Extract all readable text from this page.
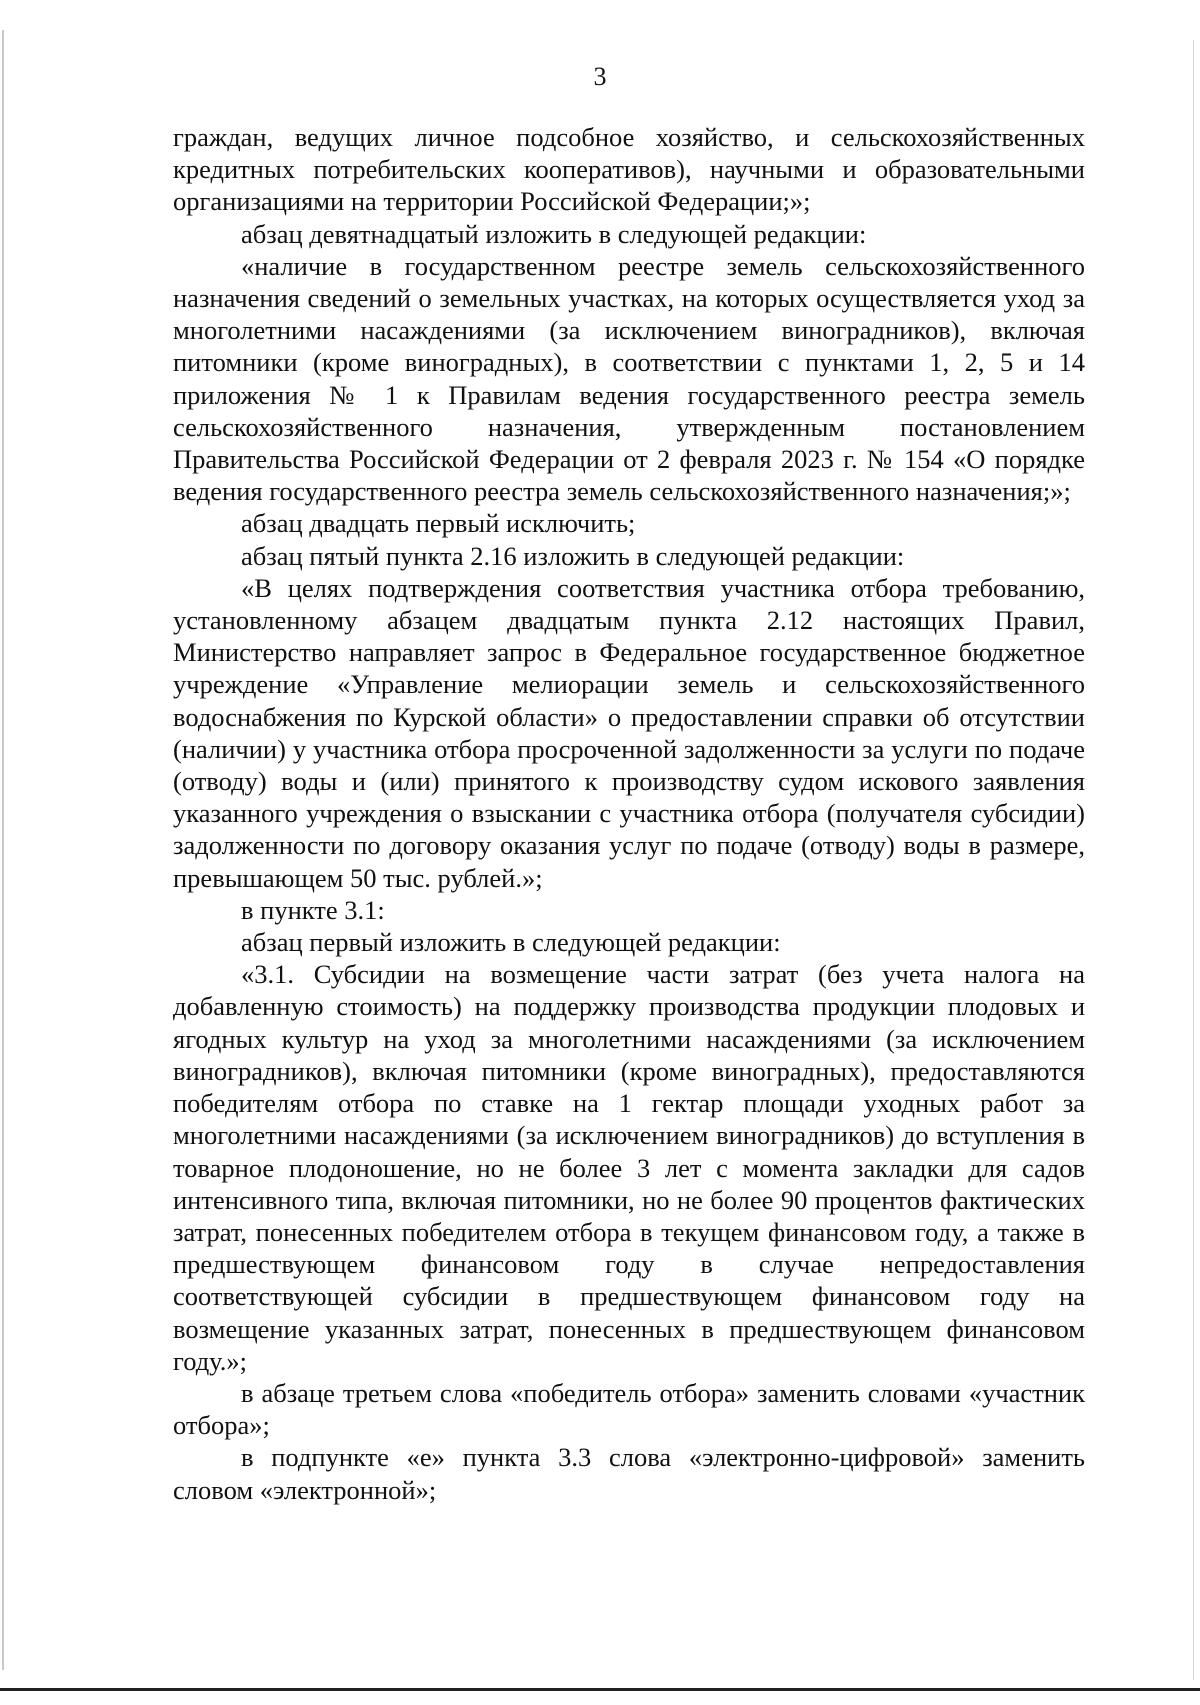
3

граждан, ведущих личное подсобное хозяйство, и сельскохозяйственных кредитных потребительских кооперативов), научными и образовательными организациями на территории Российской Федерации;»;

абзац девятнадцатый изложить в следующей редакции:

«наличие в государственном реестре земель сельскохозяйственного назначения сведений о земельных участках, на которых осуществляется уход за многолетними насаждениями (за исключением виноградников), включая питомники (кроме виноградных), в соответствии с пунктами 1, 2, 5 и 14 приложения № 1 к Правилам ведения государственного реестра земель сельскохозяйственного назначения, утвержденным постановлением Правительства Российской Федерации от 2 февраля 2023 г. № 154 «О порядке ведения государственного реестра земель сельскохозяйственного назначения;»;

абзац двадцать первый исключить;

абзац пятый пункта 2.16 изложить в следующей редакции:

«В целях подтверждения соответствия участника отбора требованию, установленному абзацем двадцатым пункта 2.12 настоящих Правил, Министерство направляет запрос в Федеральное государственное бюджетное учреждение «Управление мелиорации земель и сельскохозяйственного водоснабжения по Курской области» о предоставлении справки об отсутствии (наличии) у участника отбора просроченной задолженности за услуги по подаче (отводу) воды и (или) принятого к производству судом искового заявления указанного учреждения о взыскании с участника отбора (получателя субсидии) задолженности по договору оказания услуг по подаче (отводу) воды в размере, превышающем 50 тыс. рублей.»;

в пункте 3.1:

абзац первый изложить в следующей редакции:

«3.1. Субсидии на возмещение части затрат (без учета налога на добавленную стоимость) на поддержку производства продукции плодовых и ягодных культур на уход за многолетними насаждениями (за исключением виноградников), включая питомники (кроме виноградных), предоставляются победителям отбора по ставке на 1 гектар площади уходных работ за многолетними насаждениями (за исключением виноградников) до вступления в товарное плодоношение, но не более 3 лет с момента закладки для садов интенсивного типа, включая питомники, но не более 90 процентов фактических затрат, понесенных победителем отбора в текущем финансовом году, а также в предшествующем финансовом году в случае непредоставления соответствующей субсидии в предшествующем финансовом году на возмещение указанных затрат, понесенных в предшествующем финансовом году.»;

в абзаце третьем слова «победитель отбора» заменить словами «участник отбора»;

в подпункте «е» пункта 3.3 слова «электронно-цифровой» заменить словом «электронной»;
